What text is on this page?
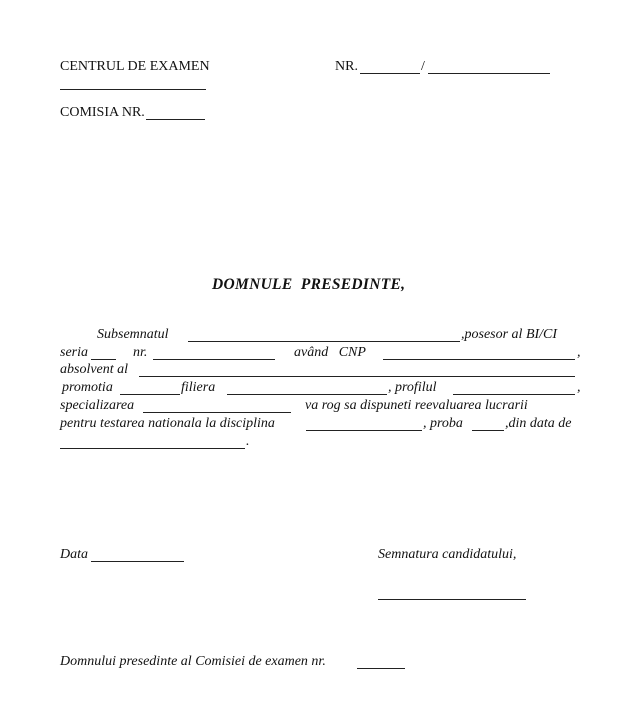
CENTRUL DE EXAMEN	NR.	/
COMISIA NR.
DOMNULE  PRESEDINTE,
Subsemnatul	,posesor al BI/CI
seria	nr.	având   CNP	,
absolvent al
promotia	filiera	, profilul	,
specializarea	va rog sa dispuneti reevaluarea lucrarii
pentru testarea nationala la disciplina	, proba	,din data de
.
Data	Semnatura candidatului,
Domnului presedinte al Comisiei de examen nr.
